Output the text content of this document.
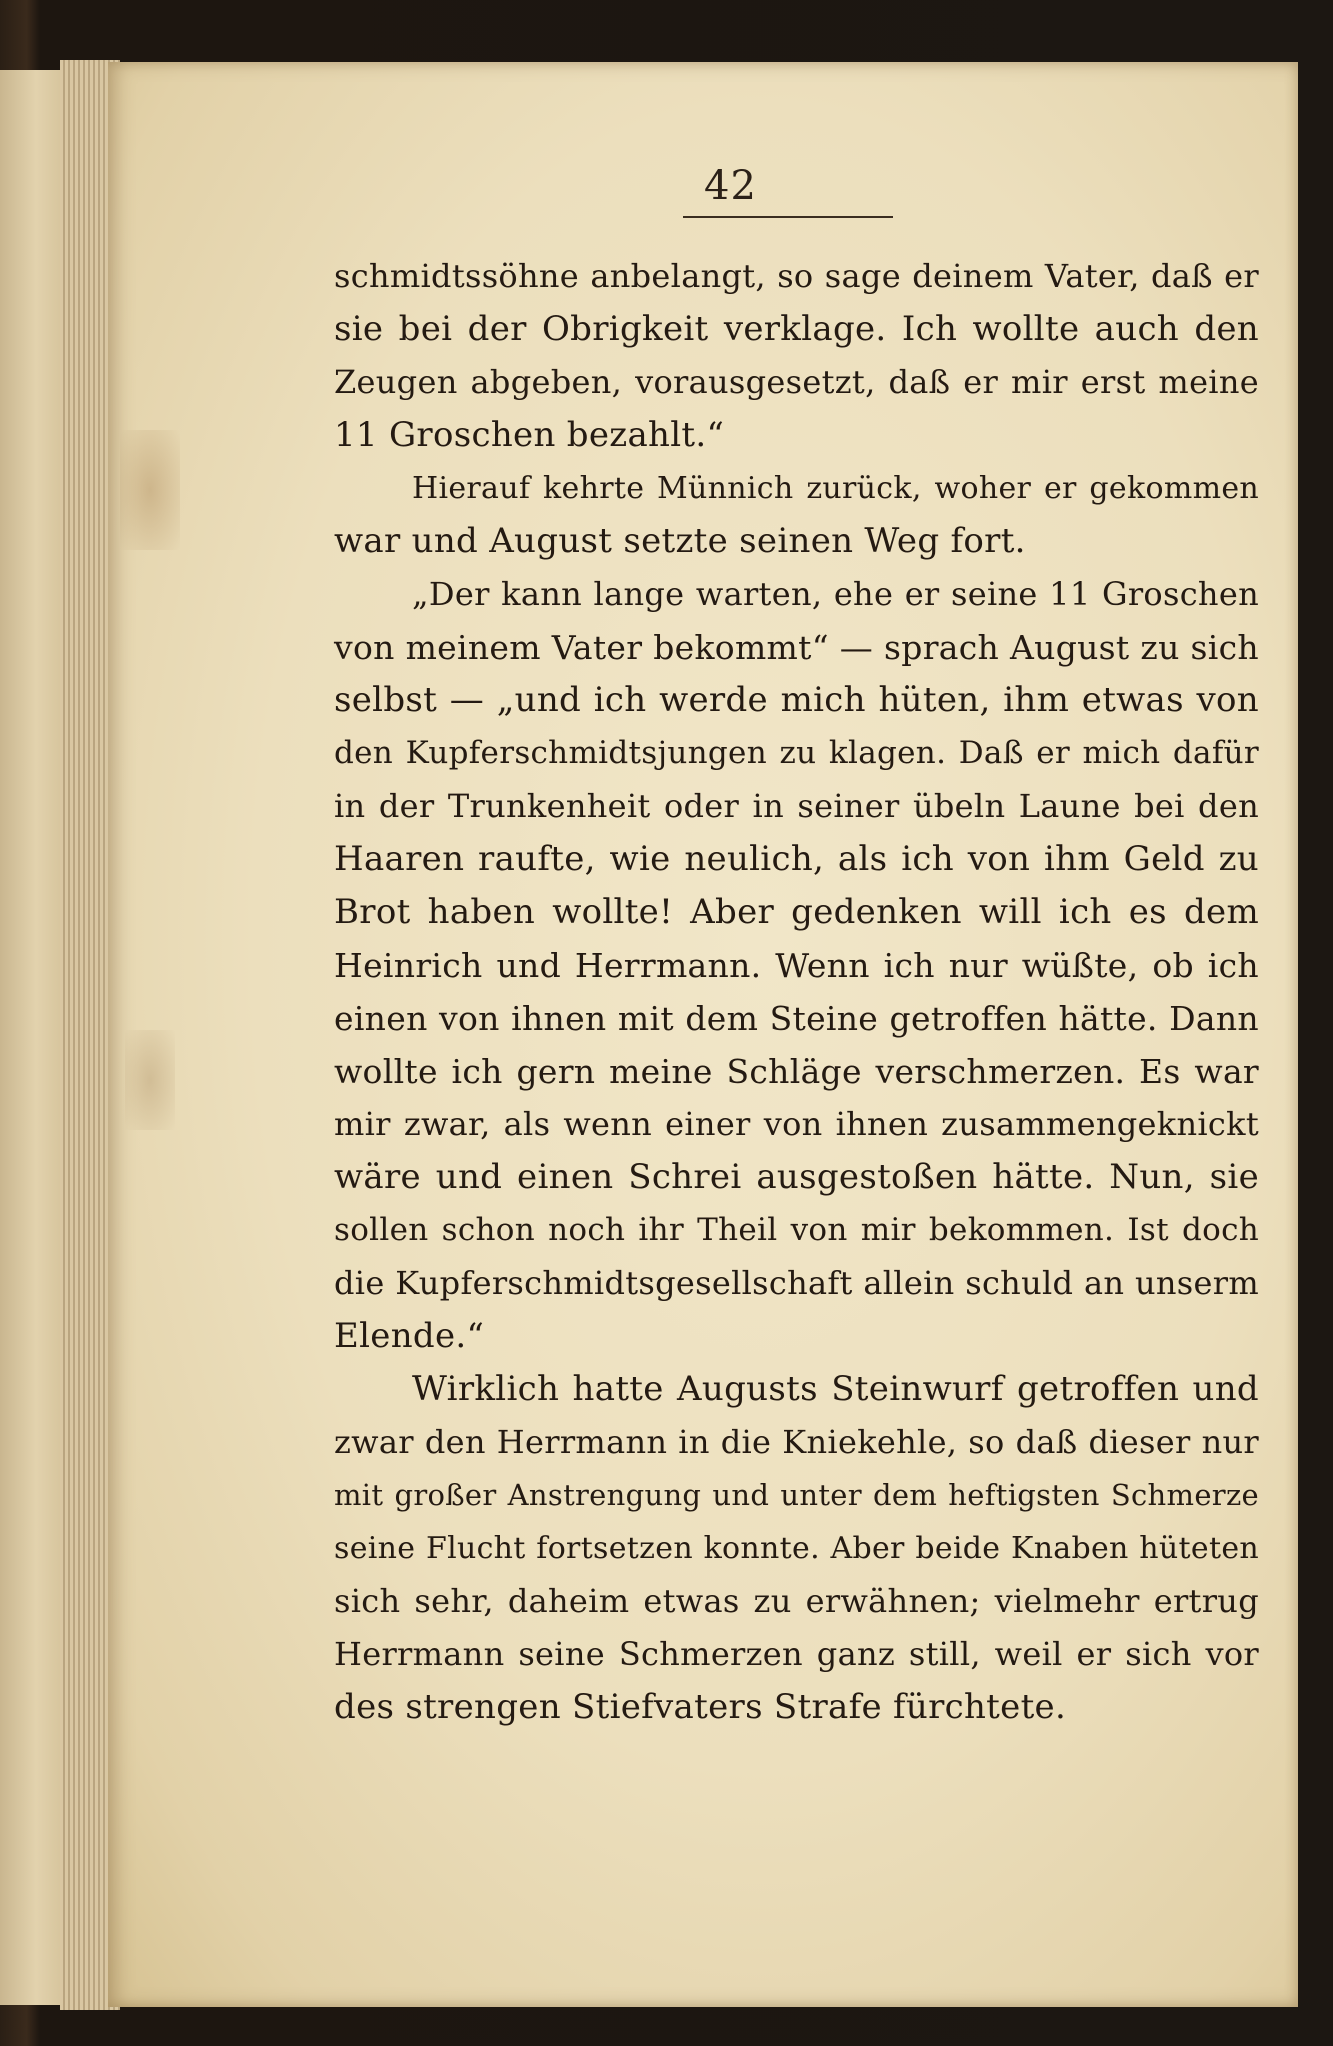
42
schmidtssöhne anbelangt, so sage deinem Vater, daß er
sie bei der Obrigkeit verklage. Ich wollte auch den
Zeugen abgeben, vorausgesetzt, daß er mir erst meine
11 Groschen bezahlt.“
Hierauf kehrte Münnich zurück, woher er gekommen
war und August setzte seinen Weg fort.
„Der kann lange warten, ehe er seine 11 Groschen
von meinem Vater bekommt“ — sprach August zu sich
selbst — „und ich werde mich hüten, ihm etwas von
den Kupferschmidtsjungen zu klagen. Daß er mich dafür
in der Trunkenheit oder in seiner übeln Laune bei den
Haaren raufte, wie neulich, als ich von ihm Geld zu
Brot haben wollte! Aber gedenken will ich es dem
Heinrich und Herrmann. Wenn ich nur wüßte, ob ich
einen von ihnen mit dem Steine getroffen hätte. Dann
wollte ich gern meine Schläge verschmerzen. Es war
mir zwar, als wenn einer von ihnen zusammengeknickt
wäre und einen Schrei ausgestoßen hätte. Nun, sie
sollen schon noch ihr Theil von mir bekommen. Ist doch
die Kupferschmidtsgesellschaft allein schuld an unserm
Elende.“
Wirklich hatte Augusts Steinwurf getroffen und
zwar den Herrmann in die Kniekehle, so daß dieser nur
mit großer Anstrengung und unter dem heftigsten Schmerze
seine Flucht fortsetzen konnte. Aber beide Knaben hüteten
sich sehr, daheim etwas zu erwähnen; vielmehr ertrug
Herrmann seine Schmerzen ganz still, weil er sich vor
des strengen Stiefvaters Strafe fürchtete.
